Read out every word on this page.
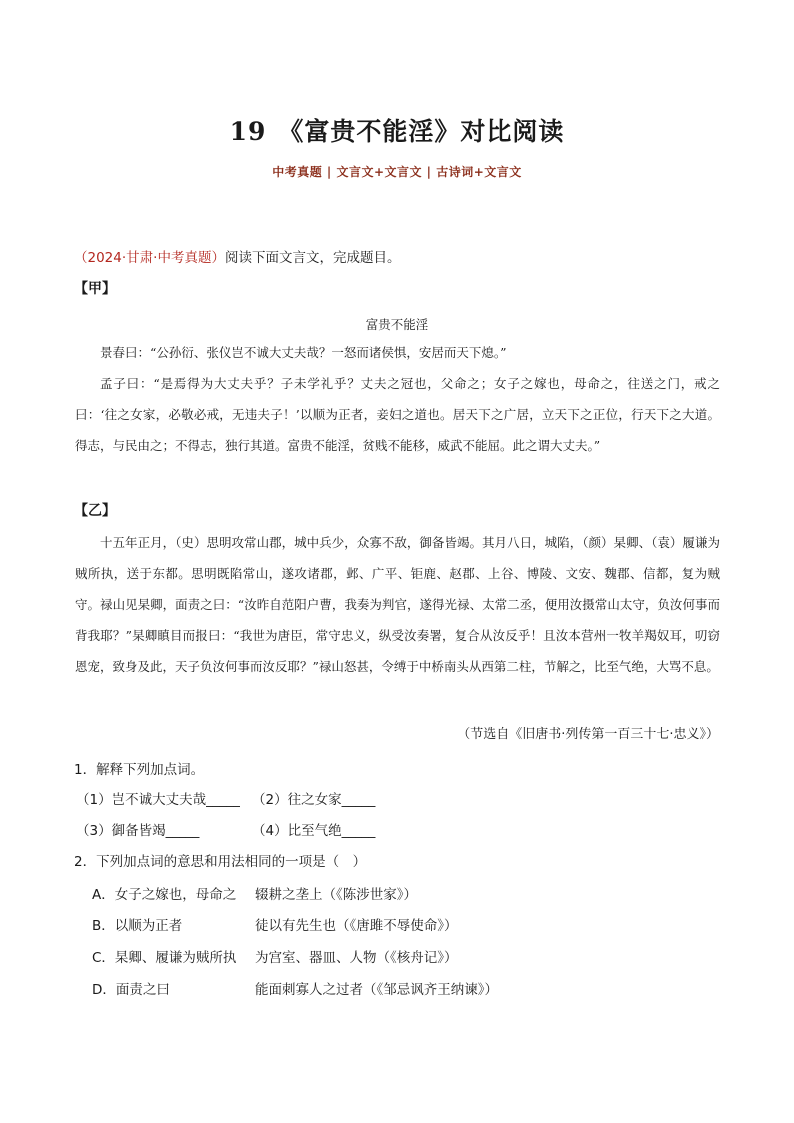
19 《富贵不能淫》对比阅读
中考真题 | 文言文+文言文 | 古诗词+文言文
（2024·甘肃·中考真题）阅读下面文言文，完成题目。
【甲】
富贵不能淫

景春曰：“公孙衍、张仪岂不诚大丈夫哉？一怒而诸侯惧，安居而天下熄。”

孟子曰：“是焉得为大丈夫乎？子未学礼乎？丈夫之冠也，父命之；女子之嫁也，母命之，往送之门，戒之曰：‘往之女家，必敬必戒，无违夫子！’以顺为正者，妾妇之道也。居天下之广居，立天下之正位，行天下之大道。得志，与民由之；不得志，独行其道。富贵不能淫，贫贱不能移，威武不能屈。此之谓大丈夫。”

【乙】

十五年正月，（史）思明攻常山郡，城中兵少，众寡不敌，御备皆竭。其月八日，城陷，（颜）杲卿、（袁）履谦为贼所执，送于东都。思明既陷常山，遂攻诸郡，邺、广平、钜鹿、赵郡、上谷、博陵、文安、魏郡、信都，复为贼守。禄山见杲卿，面责之曰：“汝昨自范阳户曹，我奏为判官，遂得光禄、太常二丞，便用汝摄常山太守，负汝何事而背我耶？”杲卿瞋目而报曰：“我世为唐臣，常守忠义，纵受汝奏署，复合从汝反乎！且汝本营州一牧羊羯奴耳，叨窃恩宠，致身及此，天子负汝何事而汝反耶？”禄山怒甚，令缚于中桥南头从西第二柱，节解之，比至气绝，大骂不息。

（节选自《旧唐书·列传第一百三十七·忠义》）
1．解释下列加点词。
（1）岂不诚大丈夫哉_____ （2）往之女家_____
（3）御备皆竭_____	（4）比至气绝_____
2．下列加点词的意思和用法相同的一项是（　）
A．女子之嫁也，母命之 辍耕之垄上（《陈涉世家》）
B．以顺为正者	徒以有先生也（《唐雎不辱使命》）
C．杲卿、履谦为贼所执 为宫室、器皿、人物（《核舟记》）
D．面责之曰	能面刺寡人之过者（《邹忌讽齐王纳谏》）
